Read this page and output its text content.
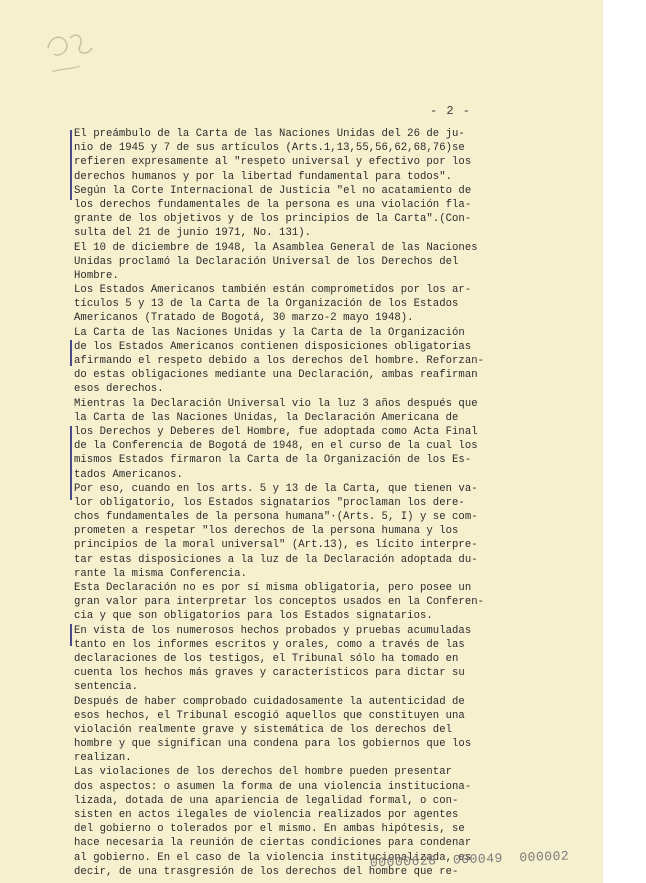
- 2 -
El preámbulo de la Carta de las Naciones Unidas del 26 de ju-
nio de 1945 y 7 de sus artículos (Arts.1,13,55,56,62,68,76)se
refieren expresamente al "respeto universal y efectivo por los
derechos humanos y por la libertad fundamental para todos".
Según la Corte Internacional de Justicia "el no acatamiento de
los derechos fundamentales de la persona es una violación fla-
grante de los objetivos y de los principios de la Carta".(Con-
sulta del 21 de junio 1971, No. 131).
El 10 de diciembre de 1948, la Asamblea General de las Naciones
Unidas proclamó la Declaración Universal de los Derechos del
Hombre.
Los Estados Americanos también están comprometidos por los ar-
tículos 5 y 13 de la Carta de la Organización de los Estados
Americanos (Tratado de Bogotá, 30 marzo-2 mayo 1948).
La Carta de las Naciones Unidas y la Carta de la Organización
de los Estados Americanos contienen disposiciones obligatorias
afirmando el respeto debido a los derechos del hombre. Reforzan-
do estas obligaciones mediante una Declaración, ambas reafirman
esos derechos.
Mientras la Declaración Universal vio la luz 3 años después que
la Carta de las Naciones Unidas, la Declaración Americana de
los Derechos y Deberes del Hombre, fue adoptada como Acta Final
de la Conferencia de Bogotá de 1948, en el curso de la cual los
mismos Estados firmaron la Carta de la Organización de los Es-
tados Americanos.
Por eso, cuando en los arts. 5 y 13 de la Carta, que tienen va-
lor obligatorio, los Estados signatarios "proclaman los dere-
chos fundamentales de la persona humana"·(Arts. 5, I) y se com-
prometen a respetar "los derechos de la persona humana y los
principios de la moral universal" (Art.13), es lícito interpre-
tar estas disposiciones a la luz de la Declaración adoptada du-
rante la misma Conferencia.
Esta Declaración no es por sí misma obligatoria, pero posee un
gran valor para interpretar los conceptos usados en la Conferen-
cia y que son obligatorios para los Estados signatarios.
En vista de los numerosos hechos probados y pruebas acumuladas
tanto en los informes escritos y orales, como a través de las
declaraciones de los testigos, el Tribunal sólo ha tomado en
cuenta los hechos más graves y característicos para dictar su
sentencia.
Después de haber comprobado cuidadosamente la autenticidad de
esos hechos, el Tribunal escogió aquellos que constituyen una
violación realmente grave y sistemática de los derechos del
hombre y que significan una condena para los gobiernos que los
realizan.
Las violaciones de los derechos del hombre pueden presentar
dos aspectos: o asumen la forma de una violencia instituciona-
lizada, dotada de una apariencia de legalidad formal, o con-
sisten en actos ilegales de violencia realizados por agentes
del gobierno o tolerados por el mismo. En ambas hipótesis, se
hace necesaria la reunión de ciertas condiciones para condenar
al gobierno. En el caso de la violencia institucionalizada, es
decir, de una trasgresión de los derechos del hombre que re-
00000628  000049  000002
